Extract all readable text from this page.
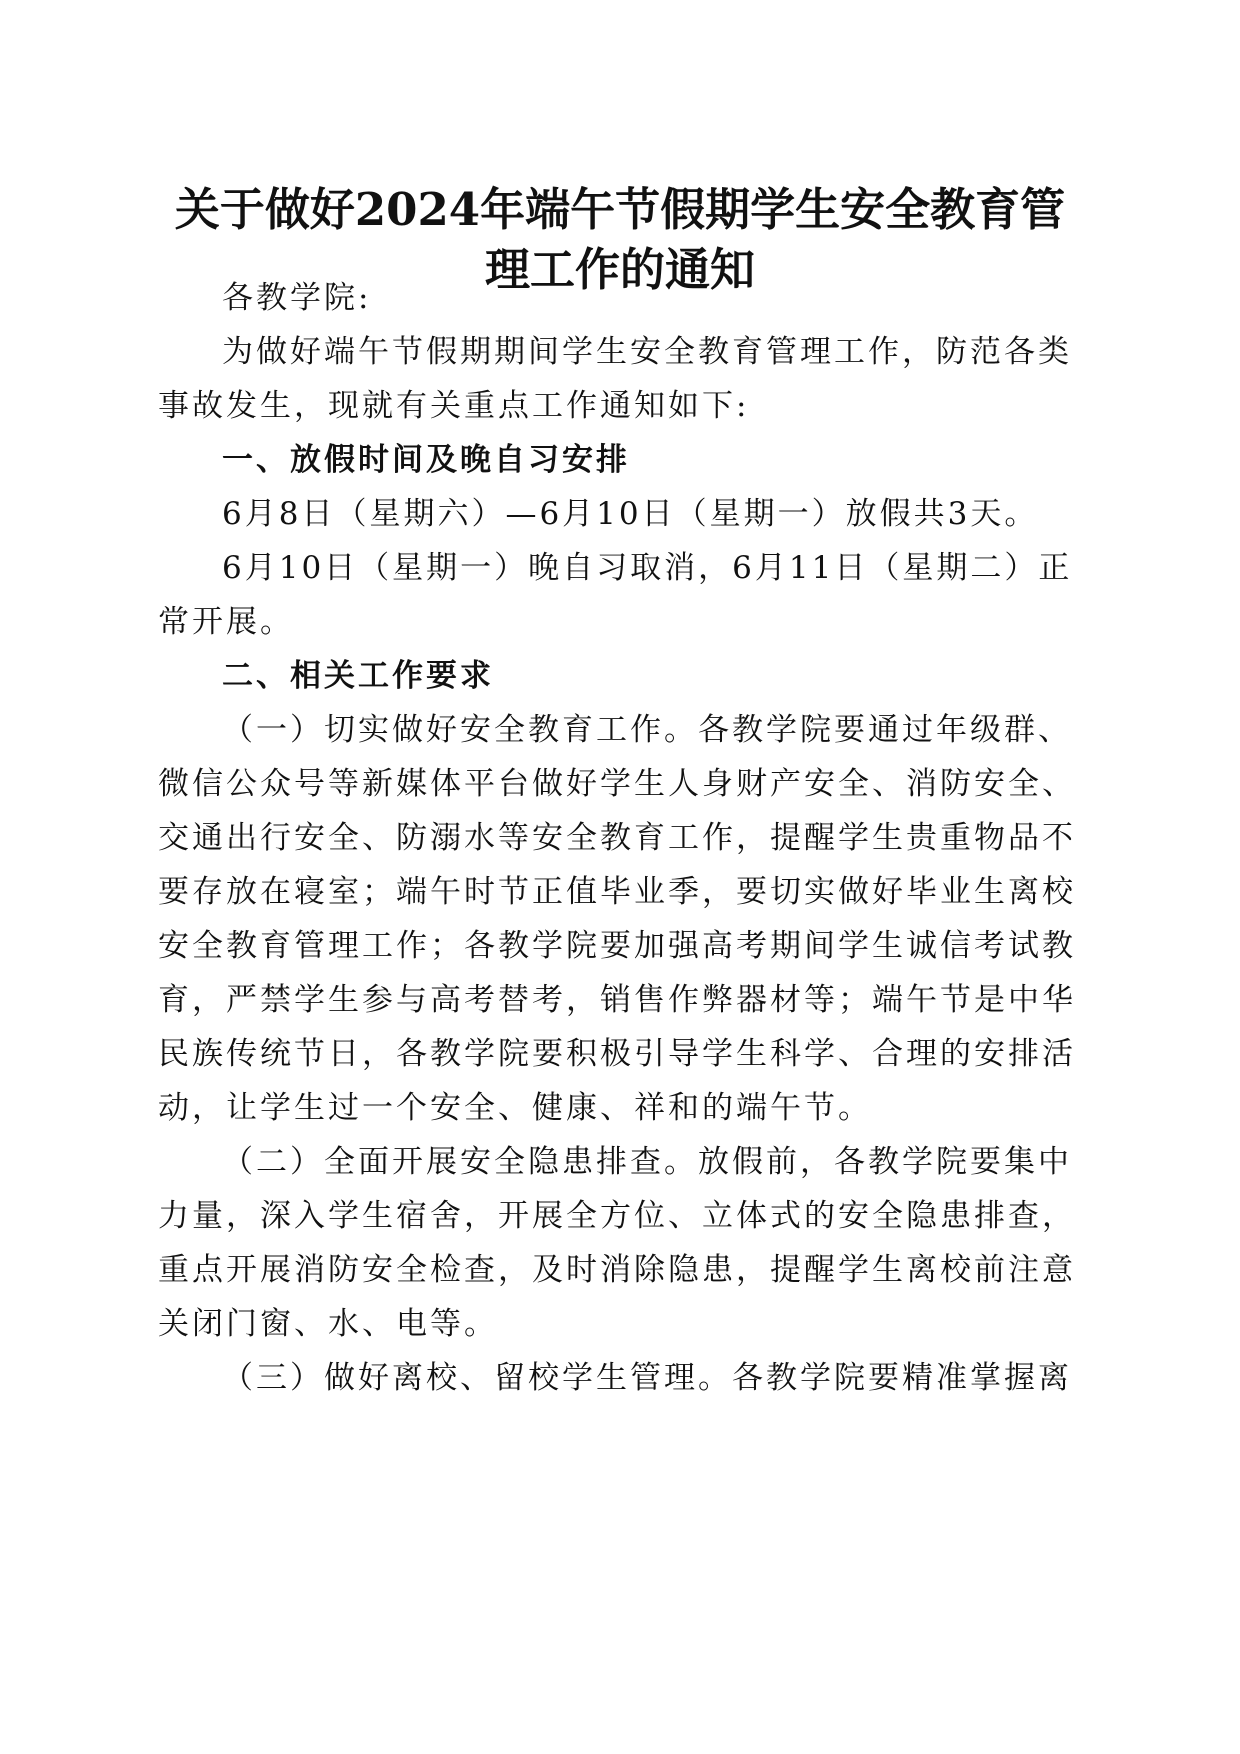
关于做好2024年端午节假期学生安全教育管
理工作的通知
各教学院:
为做好端午节假期期间学生安全教育管理工作，防范各类
事故发生，现就有关重点工作通知如下:
一、放假时间及晚自习安排
6月8日（星期六）—6月10日（星期一）放假共3天。
6月10日（星期一）晚自习取消，6月11日（星期二）正
常开展。
二、相关工作要求
（一）切实做好安全教育工作。各教学院要通过年级群、
微信公众号等新媒体平台做好学生人身财产安全、消防安全、
交通出行安全、防溺水等安全教育工作，提醒学生贵重物品不
要存放在寝室；端午时节正值毕业季，要切实做好毕业生离校
安全教育管理工作；各教学院要加强高考期间学生诚信考试教
育，严禁学生参与高考替考，销售作弊器材等；端午节是中华
民族传统节日，各教学院要积极引导学生科学、合理的安排活
动，让学生过一个安全、健康、祥和的端午节。
（二）全面开展安全隐患排查。放假前，各教学院要集中
力量，深入学生宿舍，开展全方位、立体式的安全隐患排查，
重点开展消防安全检查，及时消除隐患，提醒学生离校前注意
关闭门窗、水、电等。
（三）做好离校、留校学生管理。各教学院要精准掌握离
